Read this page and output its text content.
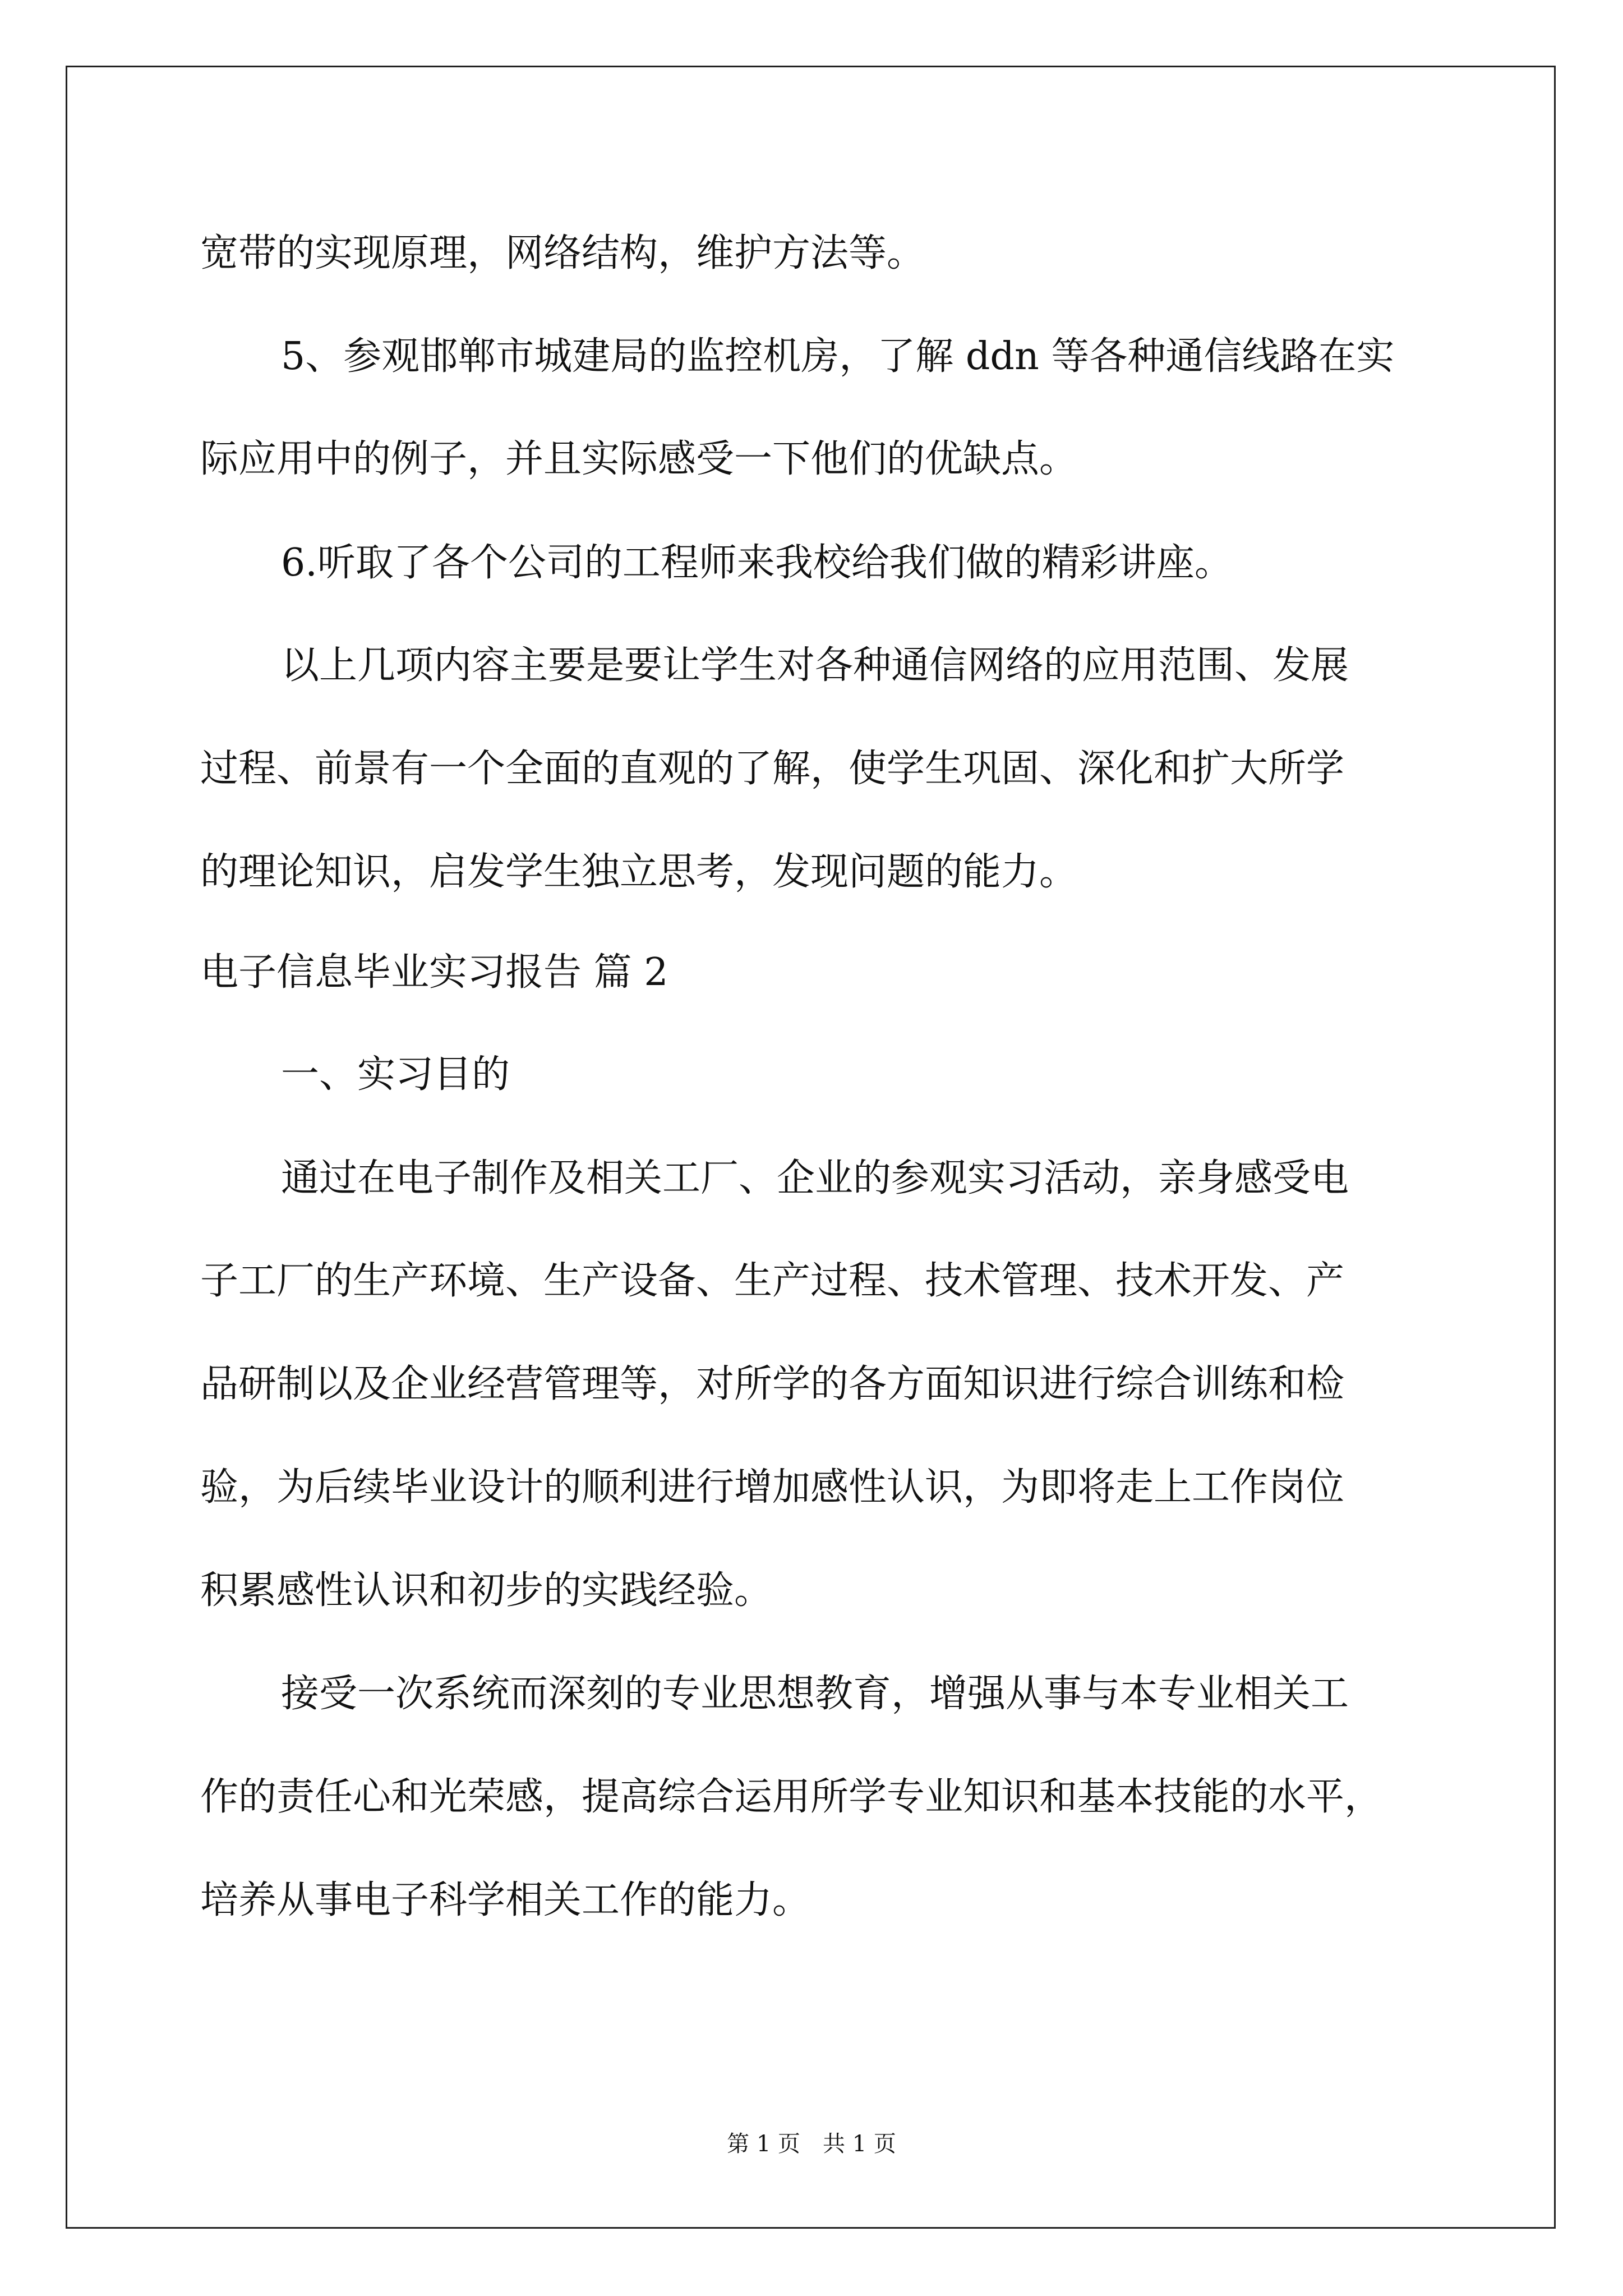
宽带的实现原理，网络结构，维护方法等。
5、参观邯郸市城建局的监控机房，了解 ddn 等各种通信线路在实
际应用中的例子，并且实际感受一下他们的优缺点。
6.听取了各个公司的工程师来我校给我们做的精彩讲座。
以上几项内容主要是要让学生对各种通信网络的应用范围、发展
过程、前景有一个全面的直观的了解，使学生巩固、深化和扩大所学
的理论知识，启发学生独立思考，发现问题的能力。
电子信息毕业实习报告 篇 2
一、实习目的
通过在电子制作及相关工厂、企业的参观实习活动，亲身感受电
子工厂的生产环境、生产设备、生产过程、技术管理、技术开发、产
品研制以及企业经营管理等，对所学的各方面知识进行综合训练和检
验，为后续毕业设计的顺利进行增加感性认识，为即将走上工作岗位
积累感性认识和初步的实践经验。
接受一次系统而深刻的专业思想教育，增强从事与本专业相关工
作的责任心和光荣感，提高综合运用所学专业知识和基本技能的水平，
培养从事电子科学相关工作的能力。
第 1 页　共 1 页
